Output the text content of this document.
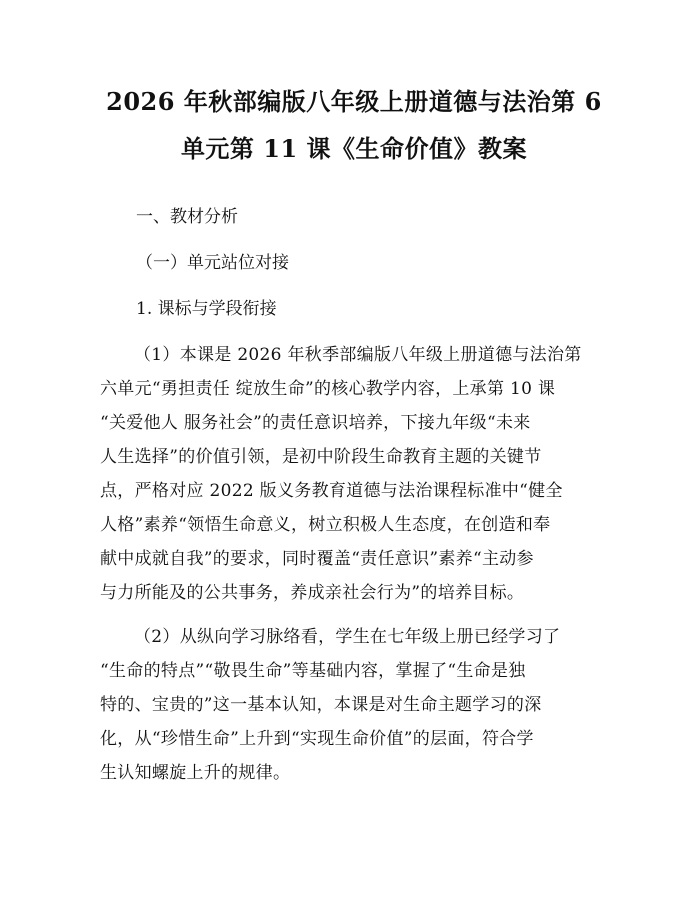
2026 年秋部编版八年级上册道德与法治第 6
单元第 11 课《生命价值》教案

一、教材分析

（一）单元站位对接

1. 课标与学段衔接

（1）本课是 2026 年秋季部编版八年级上册道德与法治第
六单元“勇担责任 绽放生命”的核心教学内容，上承第 10 课
“关爱他人 服务社会”的责任意识培养，下接九年级“未来
人生选择”的价值引领，是初中阶段生命教育主题的关键节
点，严格对应 2022 版义务教育道德与法治课程标准中“健全
人格”素养“领悟生命意义，树立积极人生态度，在创造和奉
献中成就自我”的要求，同时覆盖“责任意识”素养“主动参
与力所能及的公共事务，养成亲社会行为”的培养目标。
（2）从纵向学习脉络看，学生在七年级上册已经学习了
“生命的特点”“敬畏生命”等基础内容，掌握了“生命是独
特的、宝贵的”这一基本认知，本课是对生命主题学习的深
化，从“珍惜生命”上升到“实现生命价值”的层面，符合学
生认知螺旋上升的规律。
